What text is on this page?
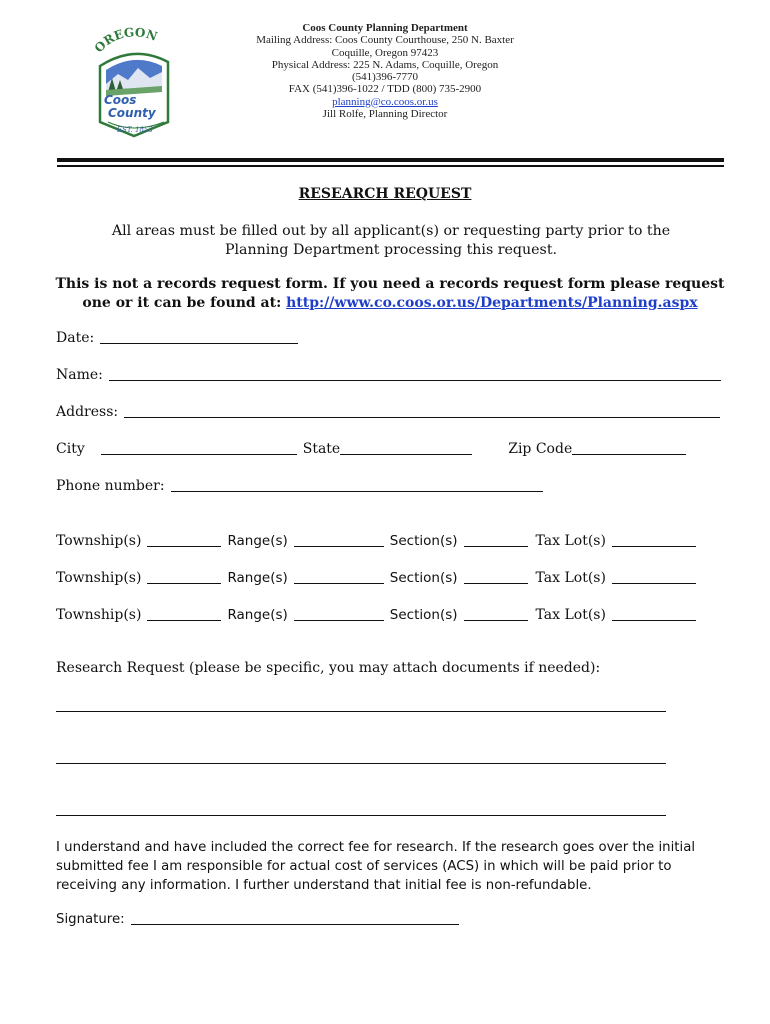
OREGON
Coos
County
EST. 1853
Coos County Planning Department
Mailing Address: Coos County Courthouse, 250 N. Baxter
Coquille, Oregon 97423
Physical Address: 225 N. Adams, Coquille, Oregon
(541)396-7770
FAX (541)396-1022 / TDD (800) 735-2900
planning@co.coos.or.us
Jill Rolfe, Planning Director
RESEARCH REQUEST
All areas must be filled out by all applicant(s) or requesting party prior to the Planning Department processing this request.
This is not a records request form. If you need a records request form please request one or it can be found at: http://www.co.coos.or.us/Departments/Planning.aspx
Date:
Name:
Address:
City	State	Zip Code
Phone number:
Township(s)	Range(s)	Section(s)	Tax Lot(s)
Township(s)	Range(s)	Section(s)	Tax Lot(s)
Township(s)	Range(s)	Section(s)	Tax Lot(s)
Research Request (please be specific, you may attach documents if needed):
I understand and have included the correct fee for research. If the research goes over the initial submitted fee I am responsible for actual cost of services (ACS) in which will be paid prior to receiving any information. I further understand that initial fee is non-refundable.
Signature:
